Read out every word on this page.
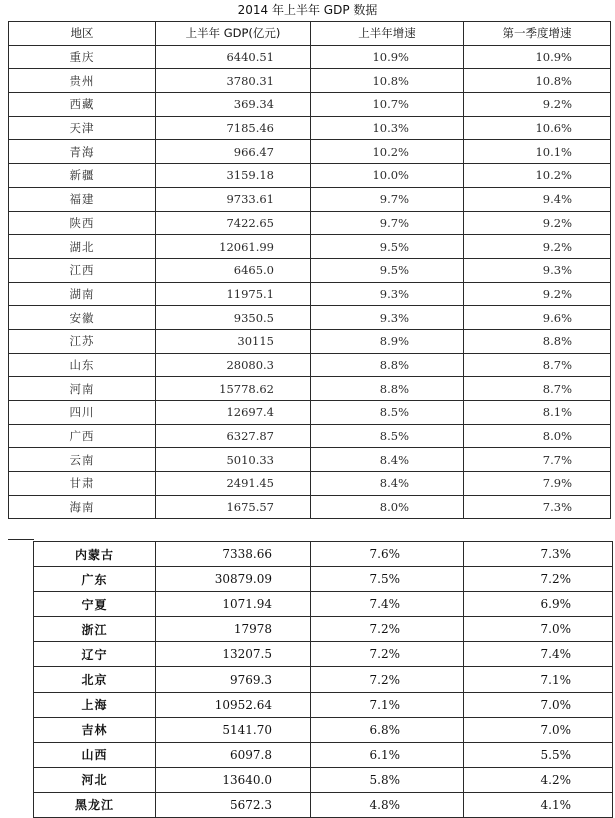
2014 年上半年 GDP 数据
地区	上半年 GDP(亿元)	上半年增速	第一季度增速
重庆	6440.51	10.9%	10.9%
贵州	3780.31	10.8%	10.8%
西藏	369.34	10.7%	9.2%
天津	7185.46	10.3%	10.6%
青海	966.47	10.2%	10.1%
新疆	3159.18	10.0%	10.2%
福建	9733.61	9.7%	9.4%
陕西	7422.65	9.7%	9.2%
湖北	12061.99	9.5%	9.2%
江西	6465.0	9.5%	9.3%
湖南	11975.1	9.3%	9.2%
安徽	9350.5	9.3%	9.6%
江苏	30115	8.9%	8.8%
山东	28080.3	8.8%	8.7%
河南	15778.62	8.8%	8.7%
四川	12697.4	8.5%	8.1%
广西	6327.87	8.5%	8.0%
云南	5010.33	8.4%	7.7%
甘肃	2491.45	8.4%	7.9%
海南	1675.57	8.0%	7.3%
内蒙古	7338.66	7.6%	7.3%
广东	30879.09	7.5%	7.2%
宁夏	1071.94	7.4%	6.9%
浙江	17978	7.2%	7.0%
辽宁	13207.5	7.2%	7.4%
北京	9769.3	7.2%	7.1%
上海	10952.64	7.1%	7.0%
吉林	5141.70	6.8%	7.0%
山西	6097.8	6.1%	5.5%
河北	13640.0	5.8%	4.2%
黑龙江	5672.3	4.8%	4.1%
